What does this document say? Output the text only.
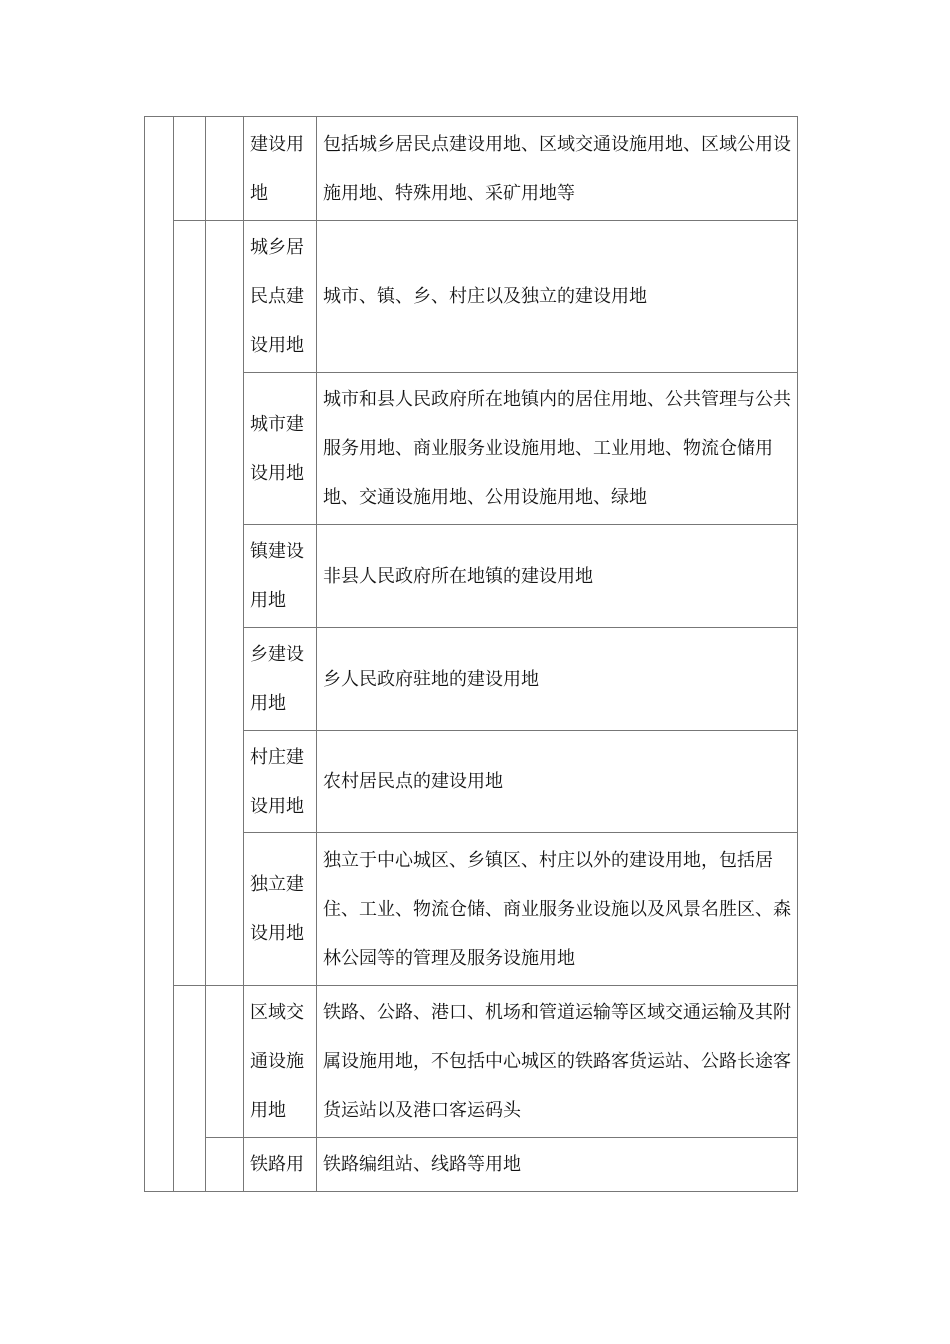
			建设用地	包括城乡居民点建设用地、区域交通设施用地、区域公用设施用地、特殊用地、采矿用地等
			城乡居民点建设用地	城市、镇、乡、村庄以及独立的建设用地
			城市建设用地	城市和县人民政府所在地镇内的居住用地、公共管理与公共服务用地、商业服务业设施用地、工业用地、物流仓储用地、交通设施用地、公用设施用地、绿地
			镇建设用地	非县人民政府所在地镇的建设用地
			乡建设用地	乡人民政府驻地的建设用地
			村庄建设用地	农村居民点的建设用地
			独立建设用地	独立于中心城区、乡镇区、村庄以外的建设用地，包括居住、工业、物流仓储、商业服务业设施以及风景名胜区、森林公园等的管理及服务设施用地
			区域交通设施用地	铁路、公路、港口、机场和管道运输等区域交通运输及其附属设施用地，不包括中心城区的铁路客货运站、公路长途客货运站以及港口客运码头
			铁路用	铁路编组站、线路等用地
